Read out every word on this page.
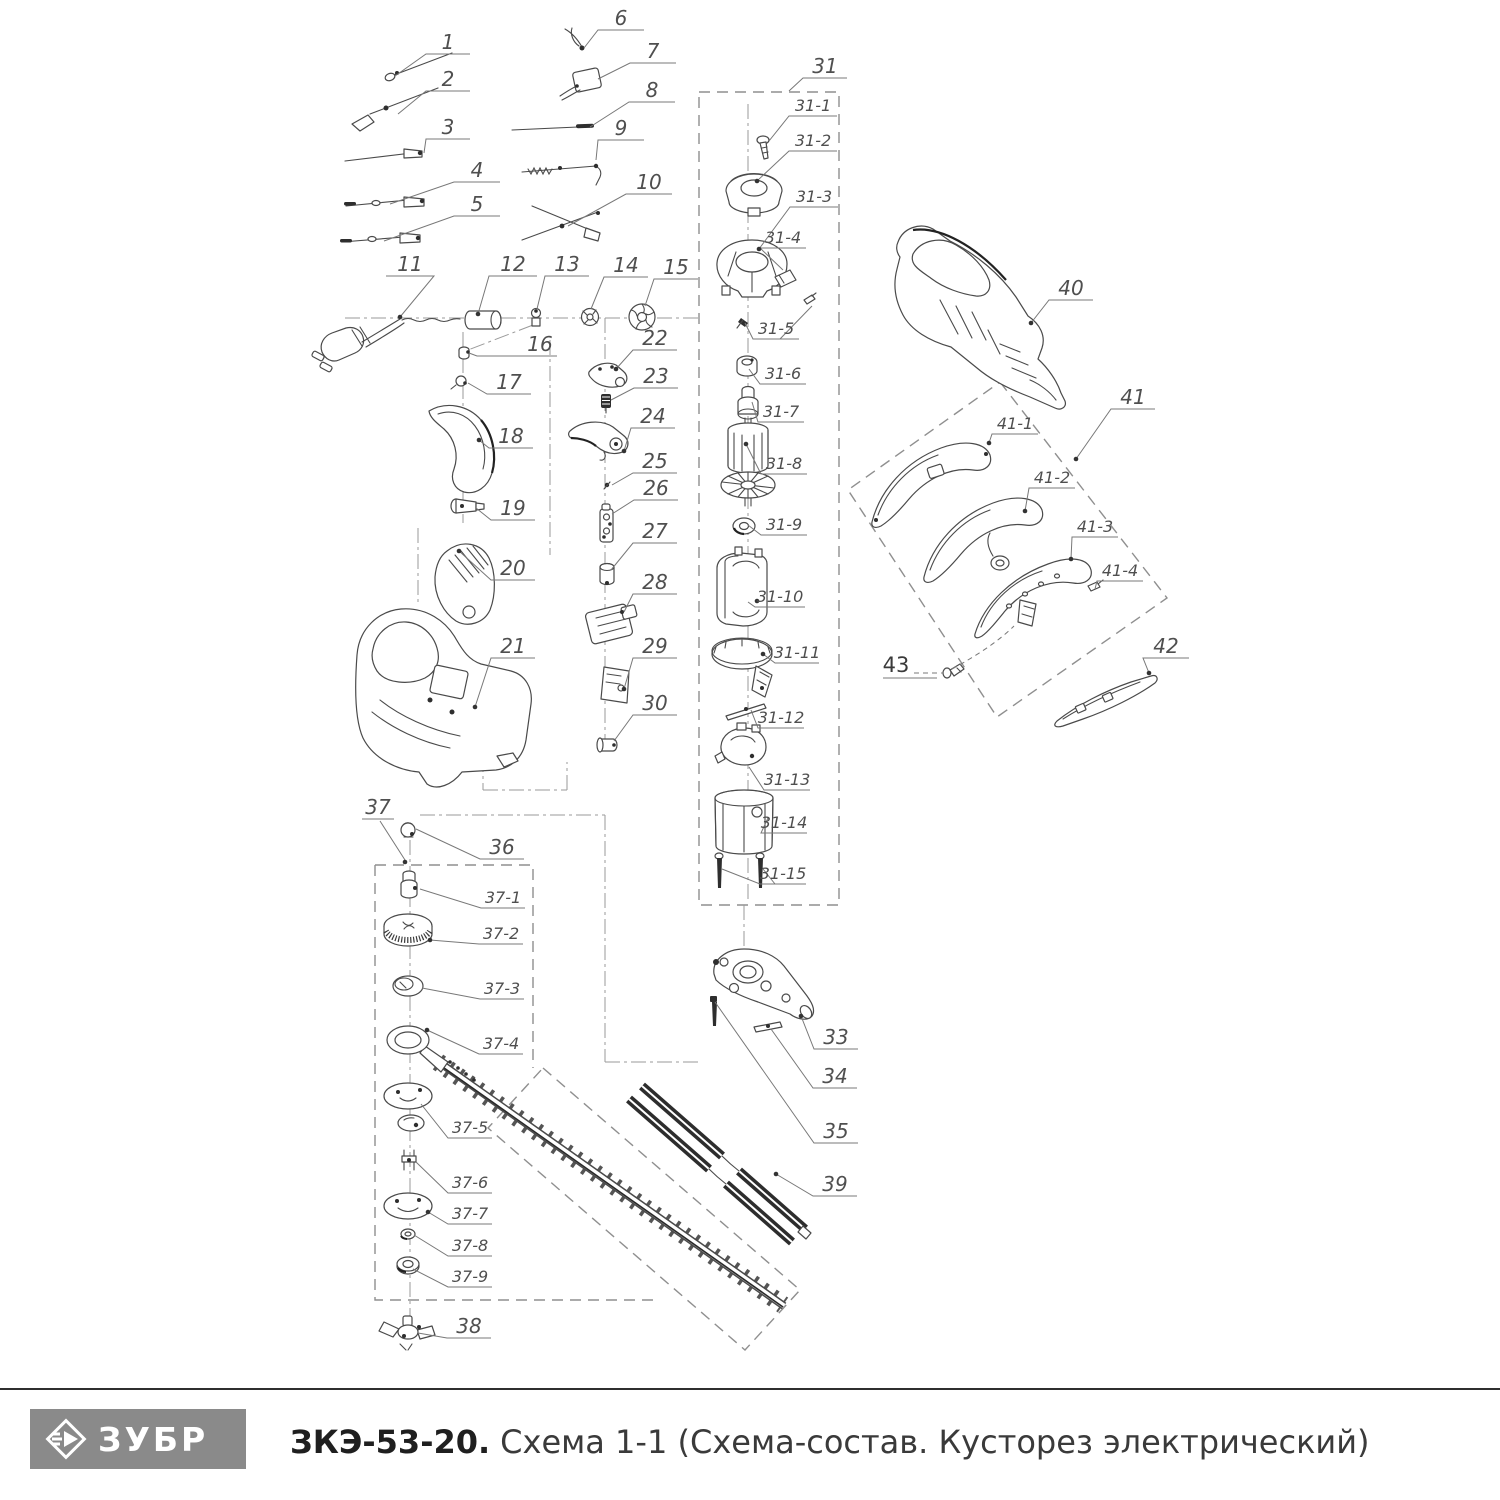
1
2
3
4
5
6
7
8
9
10
11	12 13 14 15
16
17
18
19
20
21
22
23
24
25
26
27
28
29
30
31
31-1
31-2
31-3
31-4
31-5
31-6
31-7
31-8
31-9
31-10
31-11
31-12
31-13
31-14
31-15
33
34
35
36
37
37-1
37-2
37-3
37-4
37-5
37-6
37-7
37-8
37-9
38
39
40
41
41-1
41-2
41-3
41-4
42
43
ЗУБР	ЗКЭ-53-20. Схема 1-1 (Схема-состав. Кусторез электрический)
